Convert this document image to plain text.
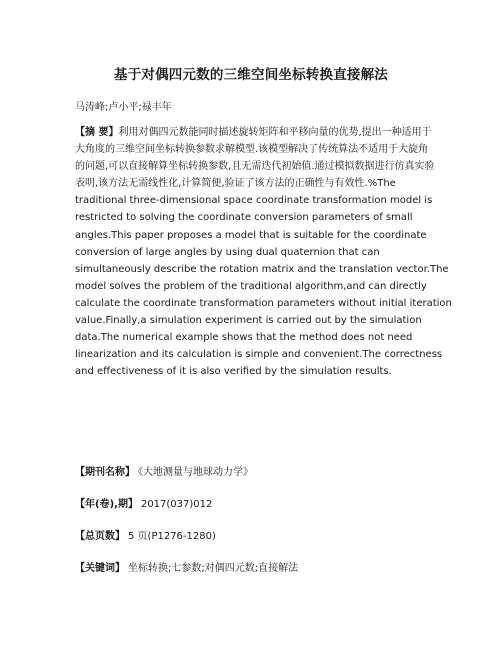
基于对偶四元数的三维空间坐标转换直接解法
马涛峰;卢小平;禄丰年
【摘 要】利用对偶四元数能同时描述旋转矩阵和平移向量的优势,提出一种适用于
大角度的三维空间坐标转换参数求解模型.该模型解决了传统算法不适用于大旋角
的问题,可以直接解算坐标转换参数,且无需迭代初始值.通过模拟数据进行仿真实验
表明,该方法无需线性化,计算简便,验证了该方法的正确性与有效性.%The
traditional three-dimensional space coordinate transformation model is
restricted to solving the coordinate conversion parameters of small
angles.This paper proposes a model that is suitable for the coordinate
conversion of large angles by using dual quaternion that can
simultaneously describe the rotation matrix and the translation vector.The
model solves the problem of the traditional algorithm,and can directly
calculate the coordinate transformation parameters without initial iteration
value.Finally,a simulation experiment is carried out by the simulation
data.The numerical example shows that the method does not need
linearization and its calculation is simple and convenient.The correctness
and effectiveness of it is also verified by the simulation results.
【期刊名称】 《大地测量与地球动力学》
【年(卷),期】 2017(037)012
【总页数】 5 页(P1276-1280)
【关键词】 坐标转换;七参数;对偶四元数;直接解法
